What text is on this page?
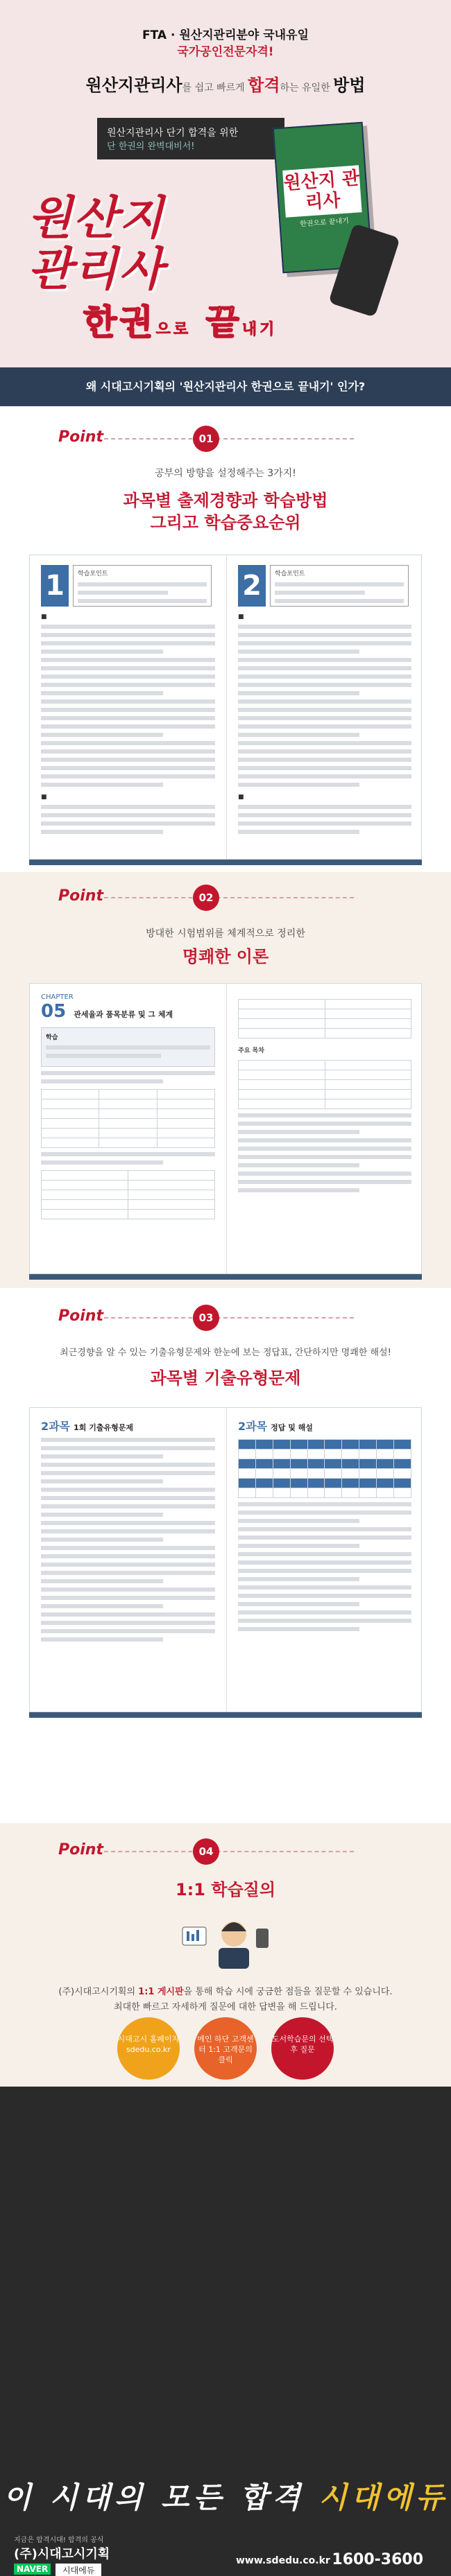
FTA · 원산지관리분야 국내유일
국가공인전문자격!
원산지관리사를 쉽고 빠르게 합격하는 유일한 방법
원산지관리사 단기 합격을 위한
단 한권의 완벽대비서!
원산지
관리사
한권으로 끝내기
원산지 관리사
한권으로 끝내기
왜 시대고시기획의 '원산지관리사 한권으로 끝내기' 인가?
Point	01
공부의 방향을 설정해주는 3가지!
과목별 출제경향과 학습방법
그리고 학습중요순위
1 학습포인트
■
■
2 학습포인트
■
■
Point	02
방대한 시험범위를 체계적으로 정리한
명쾌한 이론
CHAPTER
05 관세율과 품목분류 및 그 체계
학습

주요 목차

Point	03
최근경향을 알 수 있는 기출유형문제와 한눈에 보는 정답표, 간단하지만 명쾌한 해설!
과목별 기출유형문제
2과목 1회 기출유형문제	2과목 정답 및 해설

Point	04
1:1 학습질의
(주)시대고시기획의 1:1 게시판을 통해 학습 시에 궁금한 점들을 질문할 수 있습니다.
최대한 빠르고 자세하게 질문에 대한 답변을 해 드립니다.
시대고시 홈페이지
sdedu.co.kr

메인 하단 고객센터 1:1 고객문의 클릭

도서학습문의 선택 후 질문
이 시대의 모든 합격 시대에듀
지금은 합격시대! 합격의 공식
(주)시대고시기획
NAVER	시대에듀
www.sdedu.co.kr 1600-3600
